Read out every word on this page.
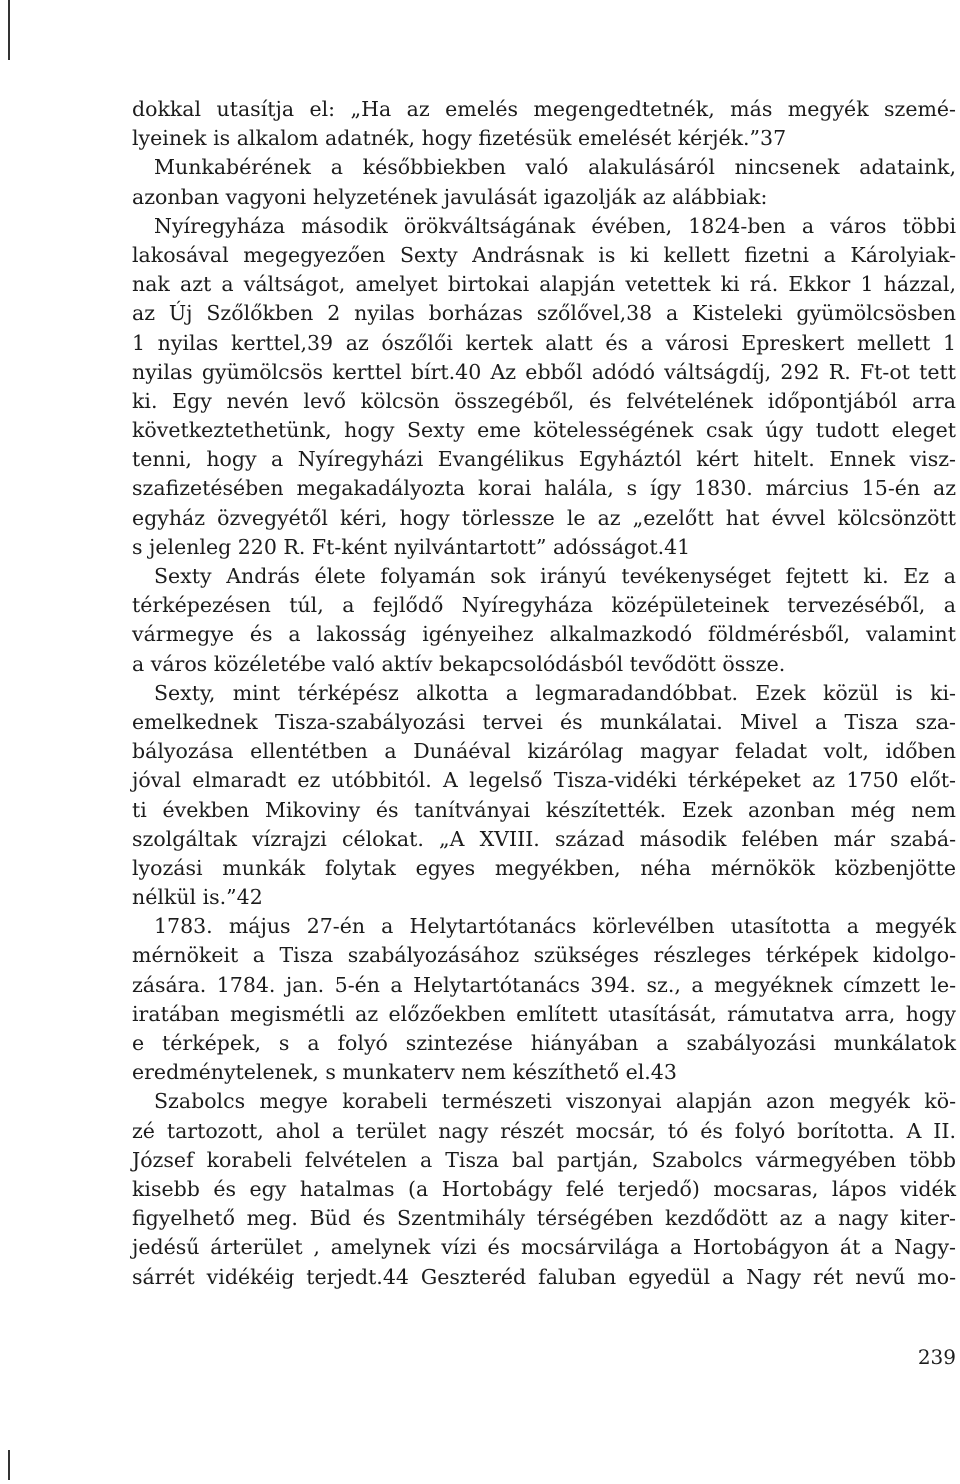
dokkal utasítja el: „Ha az emelés megengedtetnék, más megyék szemé-
lyeinek is alkalom adatnék, hogy fizetésük emelését kérjék.”37
Munkabérének a későbbiekben való alakulásáról nincsenek adataink,
azonban vagyoni helyzetének javulását igazolják az alábbiak:
Nyíregyháza második örökváltságának évében, 1824-ben a város többi
lakosával megegyezően Sexty Andrásnak is ki kellett fizetni a Károlyiak-
nak azt a váltságot, amelyet birtokai alapján vetettek ki rá. Ekkor 1 házzal,
az Új Szőlőkben 2 nyilas borházas szőlővel,38 a Kisteleki gyümölcsösben
1 nyilas kerttel,39 az ószőlői kertek alatt és a városi Epreskert mellett 1
nyilas gyümölcsös kerttel bírt.40 Az ebből adódó váltságdíj, 292 R. Ft-ot tett
ki. Egy nevén levő kölcsön összegéből, és felvételének időpontjából arra
következtethetünk, hogy Sexty eme kötelességének csak úgy tudott eleget
tenni, hogy a Nyíregyházi Evangélikus Egyháztól kért hitelt. Ennek visz-
szafizetésében megakadályozta korai halála, s így 1830. március 15-én az
egyház özvegyétől kéri, hogy törlessze le az „ezelőtt hat évvel kölcsönzött
s jelenleg 220 R. Ft-ként nyilvántartott” adósságot.41
Sexty András élete folyamán sok irányú tevékenységet fejtett ki. Ez a
térképezésen túl, a fejlődő Nyíregyháza középületeinek tervezéséből, a
vármegye és a lakosság igényeihez alkalmazkodó földmérésből, valamint
a város közéletébe való aktív bekapcsolódásból tevődött össze.
Sexty, mint térképész alkotta a legmaradandóbbat. Ezek közül is ki-
emelkednek Tisza-szabályozási tervei és munkálatai. Mivel a Tisza sza-
bályozása ellentétben a Dunáéval kizárólag magyar feladat volt, időben
jóval elmaradt ez utóbbitól. A legelső Tisza-vidéki térképeket az 1750 előt-
ti években Mikoviny és tanítványai készítették. Ezek azonban még nem
szolgáltak vízrajzi célokat. „A XVIII. század második felében már szabá-
lyozási munkák folytak egyes megyékben, néha mérnökök közbenjötte
nélkül is.”42
1783. május 27-én a Helytartótanács körlevélben utasította a megyék
mérnökeit a Tisza szabályozásához szükséges részleges térképek kidolgo-
zására. 1784. jan. 5-én a Helytartótanács 394. sz., a megyéknek címzett le-
iratában megismétli az előzőekben említett utasítását, rámutatva arra, hogy
e térképek, s a folyó szintezése hiányában a szabályozási munkálatok
eredménytelenek, s munkaterv nem készíthető el.43
Szabolcs megye korabeli természeti viszonyai alapján azon megyék kö-
zé tartozott, ahol a terület nagy részét mocsár, tó és folyó borította. A II.
József korabeli felvételen a Tisza bal partján, Szabolcs vármegyében több
kisebb és egy hatalmas (a Hortobágy felé terjedő) mocsaras, lápos vidék
figyelhető meg. Büd és Szentmihály térségében kezdődött az a nagy kiter-
jedésű árterület , amelynek vízi és mocsárvilága a Hortobágyon át a Nagy-
sárrét vidékéig terjedt.44 Geszteréd faluban egyedül a Nagy rét nevű mo-
239
